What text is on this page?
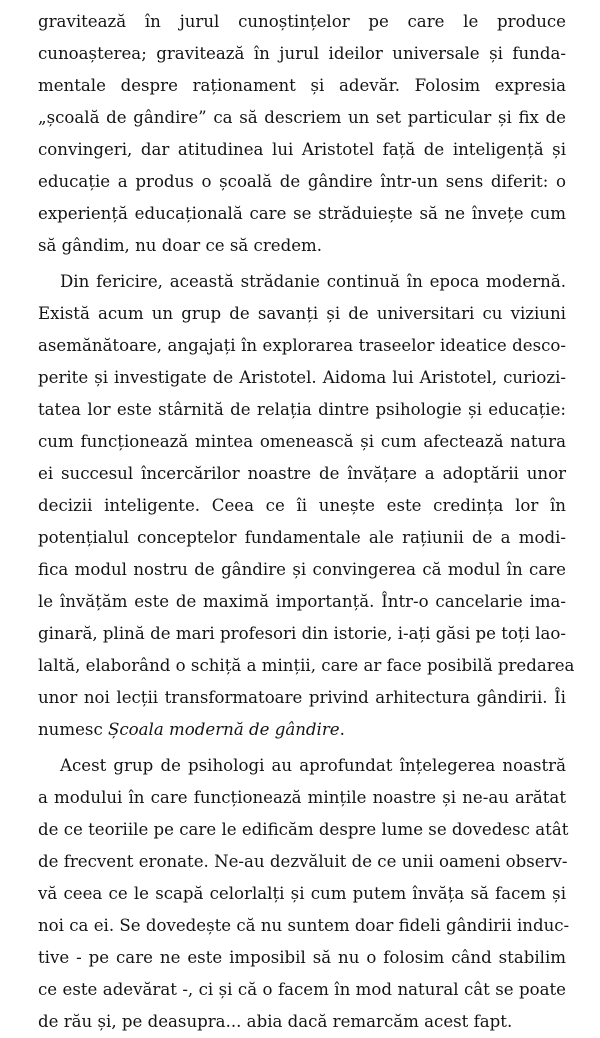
gravitează în jurul cunoștințelor pe care le produce
cunoașterea; gravitează în jurul ideilor universale și funda-
mentale despre raționament și adevăr. Folosim expresia
„școală de gândire” ca să descriem un set particular și fix de
convingeri, dar atitudinea lui Aristotel față de inteligență și
educație a produs o școală de gândire într-un sens diferit: o
experiență educațională care se străduiește să ne învețe cum
să gândim, nu doar ce să credem.
Din fericire, această strădanie continuă în epoca modernă.
Există acum un grup de savanți și de universitari cu viziuni
asemănătoare, angajați în explorarea traseelor ideatice desco-
perite și investigate de Aristotel. Aidoma lui Aristotel, curiozi-
tatea lor este stârnită de relația dintre psihologie și educație:
cum funcționează mintea omenească și cum afectează natura
ei succesul încercărilor noastre de învățare a adoptării unor
decizii inteligente. Ceea ce îi unește este credința lor în
potențialul conceptelor fundamentale ale rațiunii de a modi-
fica modul nostru de gândire și convingerea că modul în care
le învățăm este de maximă importanță. Într-o cancelarie ima-
ginară, plină de mari profesori din istorie, i-ați găsi pe toți lao-
laltă, elaborând o schiță a minții, care ar face posibilă predarea
unor noi lecții transformatoare privind arhitectura gândirii. Îi
numesc Școala modernă de gândire.
Acest grup de psihologi au aprofundat înțelegerea noastră
a modului în care funcționează mințile noastre și ne-au arătat
de ce teoriile pe care le edificăm despre lume se dovedesc atât
de frecvent eronate. Ne-au dezvăluit de ce unii oameni observ-
vă ceea ce le scapă celorlalți și cum putem învăța să facem și
noi ca ei. Se dovedește că nu suntem doar fideli gândirii induc-
tive - pe care ne este imposibil să nu o folosim când stabilim
ce este adevărat -, ci și că o facem în mod natural cât se poate
de rău și, pe deasupra... abia dacă remarcăm acest fapt.
